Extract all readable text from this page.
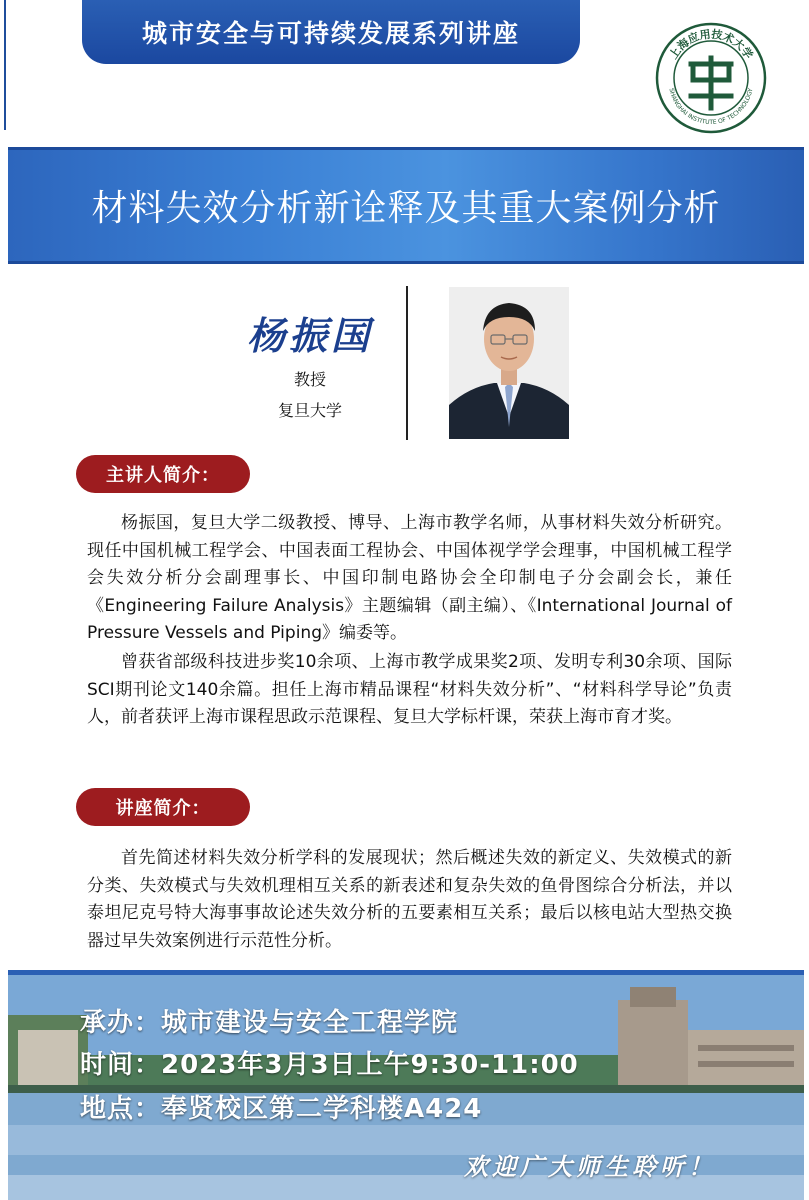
城市安全与可持续发展系列讲座
上海应用技术大学
SHANGHAI INSTITUTE OF TECHNOLOGY
材料失效分析新诠释及其重大案例分析
杨振国
教授
复旦大学
主讲人简介：
杨振国，复旦大学二级教授、博导、上海市教学名师，从事材料失效分析研究。现任中国机械工程学会、中国表面工程协会、中国体视学学会理事，中国机械工程学会失效分析分会副理事长、中国印制电路协会全印制电子分会副会长，兼任《Engineering Failure Analysis》主题编辑（副主编）、《International Journal of Pressure Vessels and Piping》编委等。
曾获省部级科技进步奖10余项、上海市教学成果奖2项、发明专利30余项、国际SCI期刊论文140余篇。担任上海市精品课程“材料失效分析”、“材料科学导论”负责人，前者获评上海市课程思政示范课程、复旦大学标杆课，荣获上海市育才奖。
讲座简介：
首先简述材料失效分析学科的发展现状；然后概述失效的新定义、失效模式的新分类、失效模式与失效机理相互关系的新表述和复杂失效的鱼骨图综合分析法，并以泰坦尼克号特大海事事故论述失效分析的五要素相互关系；最后以核电站大型热交换器过早失效案例进行示范性分析。
承办：城市建设与安全工程学院
时间：2023年3月3日上午9:30-11:00
地点：奉贤校区第二学科楼A424
欢迎广大师生聆听！
